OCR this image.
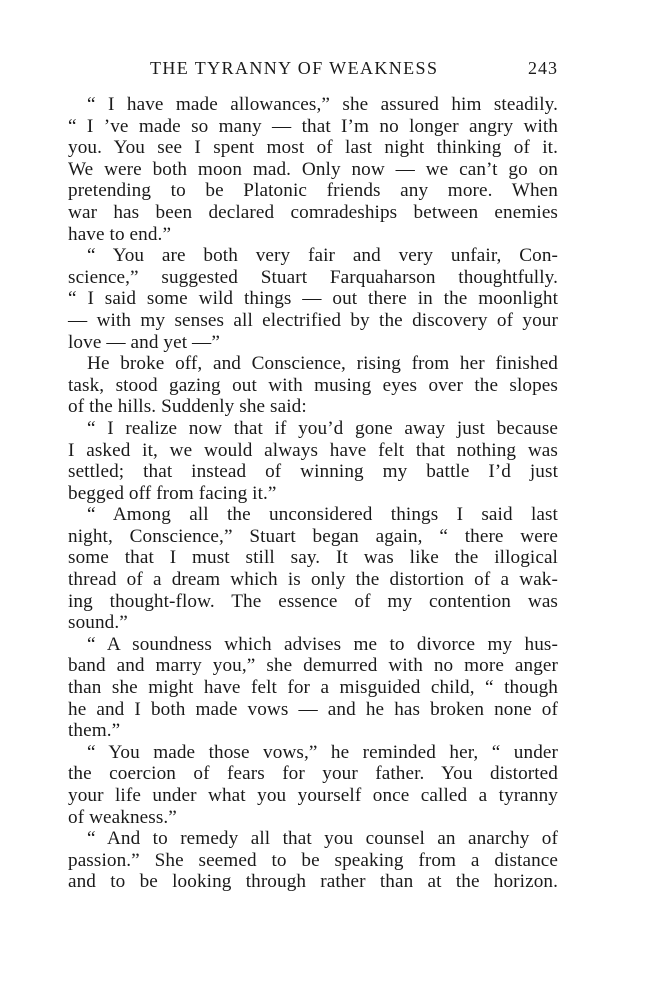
THE TYRANNY OF WEAKNESS	243
“ I have made allowances,” she assured him steadily.
“ I ’ve made so many — that I’m no longer angry with
you. You see I spent most of last night thinking of it.
We were both moon mad. Only now — we can’t go on
pretending to be Platonic friends any more. When
war has been declared comradeships between enemies
have to end.”
“ You are both very fair and very unfair, Con-
science,” suggested Stuart Farquaharson thoughtfully.
“ I said some wild things — out there in the moonlight
— with my senses all electrified by the discovery of your
love — and yet —”
He broke off, and Conscience, rising from her finished
task, stood gazing out with musing eyes over the slopes
of the hills. Suddenly she said:
“ I realize now that if you’d gone away just because
I asked it, we would always have felt that nothing was
settled; that instead of winning my battle I’d just
begged off from facing it.”
“ Among all the unconsidered things I said last
night, Conscience,” Stuart began again, “ there were
some that I must still say. It was like the illogical
thread of a dream which is only the distortion of a wak-
ing thought-flow. The essence of my contention was
sound.”
“ A soundness which advises me to divorce my hus-
band and marry you,” she demurred with no more anger
than she might have felt for a misguided child, “ though
he and I both made vows — and he has broken none of
them.”
“ You made those vows,” he reminded her, “ under
the coercion of fears for your father. You distorted
your life under what you yourself once called a tyranny
of weakness.”
“ And to remedy all that you counsel an anarchy of
passion.” She seemed to be speaking from a distance
and to be looking through rather than at the horizon.
